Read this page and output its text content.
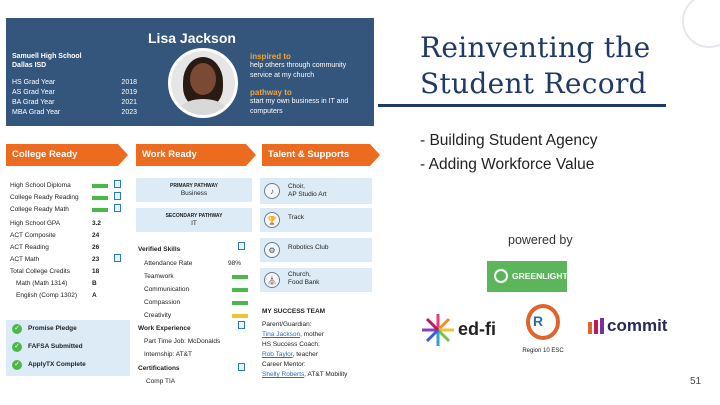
Lisa Jackson
Samuell High School
Dallas ISD
HS Grad Year	2018
AS Grad Year	2019
BA Grad Year	2021
MBA Grad Year	2023
inspired to
help others through community service at my church
pathway to
start my own business in IT and computers
College Ready
High School Diploma
College Ready Reading
College Ready Math
High School GPA	3.2
ACT Composite	24
ACT Reading	26
ACT Math	23
Total College Credits	18
Math (Math 1314)	B
English (Comp 1302) A
✓	Promise Pledge
✓	FAFSA Submitted
✓	ApplyTX Complete
Work Ready
PRIMARY PATHWAY
Business
SECONDARY PATHWAY
IT
Verified Skills
Attendance Rate	98%
Teamwork
Communication
Compassion
Creativity
Work Experience
Part Time Job: McDonalds
Internship: AT&T
Certifications
Comp TIA
Talent & Supports
♪
Choir,
AP Studio Art
🏆	Track
⚙	Robotics Club
⛪
Church,
Food Bank
MY SUCCESS TEAM
Parent/Guardian:
Tina Jackson, mother
HS Success Coach:
Rob Taylor, teacher
Career Mentor:
Shelly Roberts, AT&T Mobility
Reinventing the
Student Record
- Building Student Agency
- Adding Workforce Value
powered by
GREENLIGHT
ed-fi	R
Region 10 ESC
commit
51
